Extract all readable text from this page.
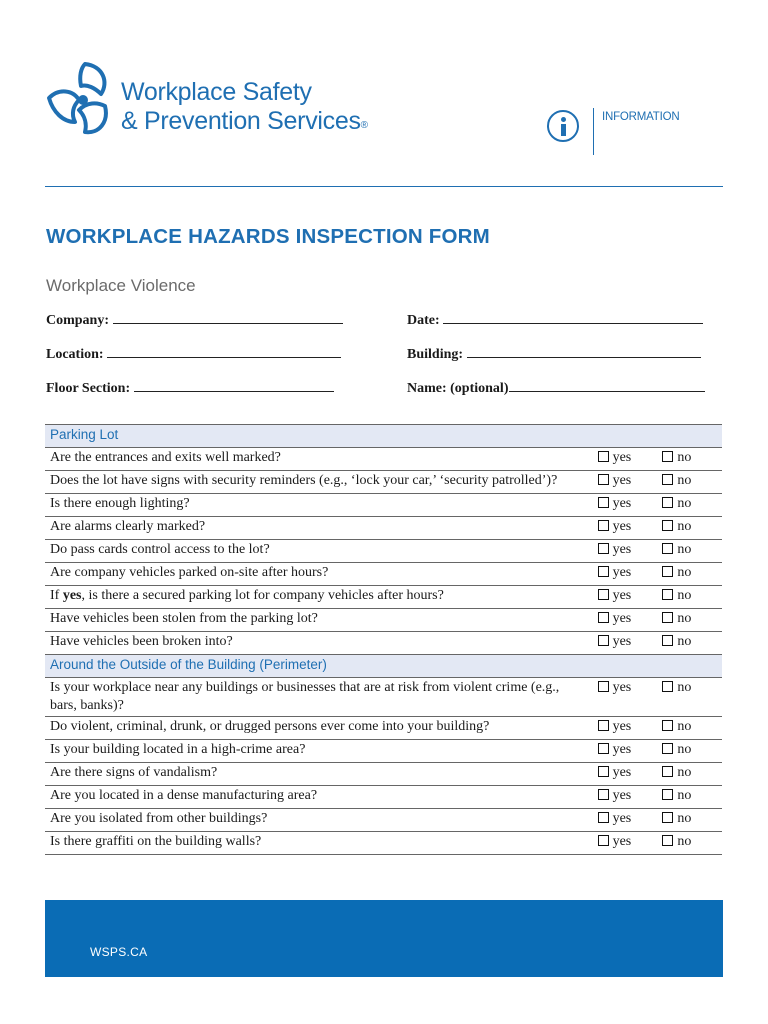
Workplace Safety
& Prevention Services®
INFORMATION
WORKPLACE HAZARDS INSPECTION FORM
Workplace Violence
Company:	Date:
Location:	Building:
Floor Section:	Name: (optional)
Parking Lot		
Are the entrances and exits well marked?	yes	no
Does the lot have signs with security reminders (e.g., ‘lock your car,’ ‘security patrolled’)?	yes	no
Is there enough lighting?	yes	no
Are alarms clearly marked?	yes	no
Do pass cards control access to the lot?	yes	no
Are company vehicles parked on-site after hours?	yes	no
If yes, is there a secured parking lot for company vehicles after hours?	yes	no
Have vehicles been stolen from the parking lot?	yes	no
Have vehicles been broken into?	yes	no
Around the Outside of the Building (Perimeter)		
Is your workplace near any buildings or businesses that are at risk from violent crime (e.g., bars, banks)?	yes	no
Do violent, criminal, drunk, or drugged persons ever come into your building?	yes	no
Is your building located in a high-crime area?	yes	no
Are there signs of vandalism?	yes	no
Are you located in a dense manufacturing area?	yes	no
Are you isolated from other buildings?	yes	no
Is there graffiti on the building walls?	yes	no
WSPS.CA
